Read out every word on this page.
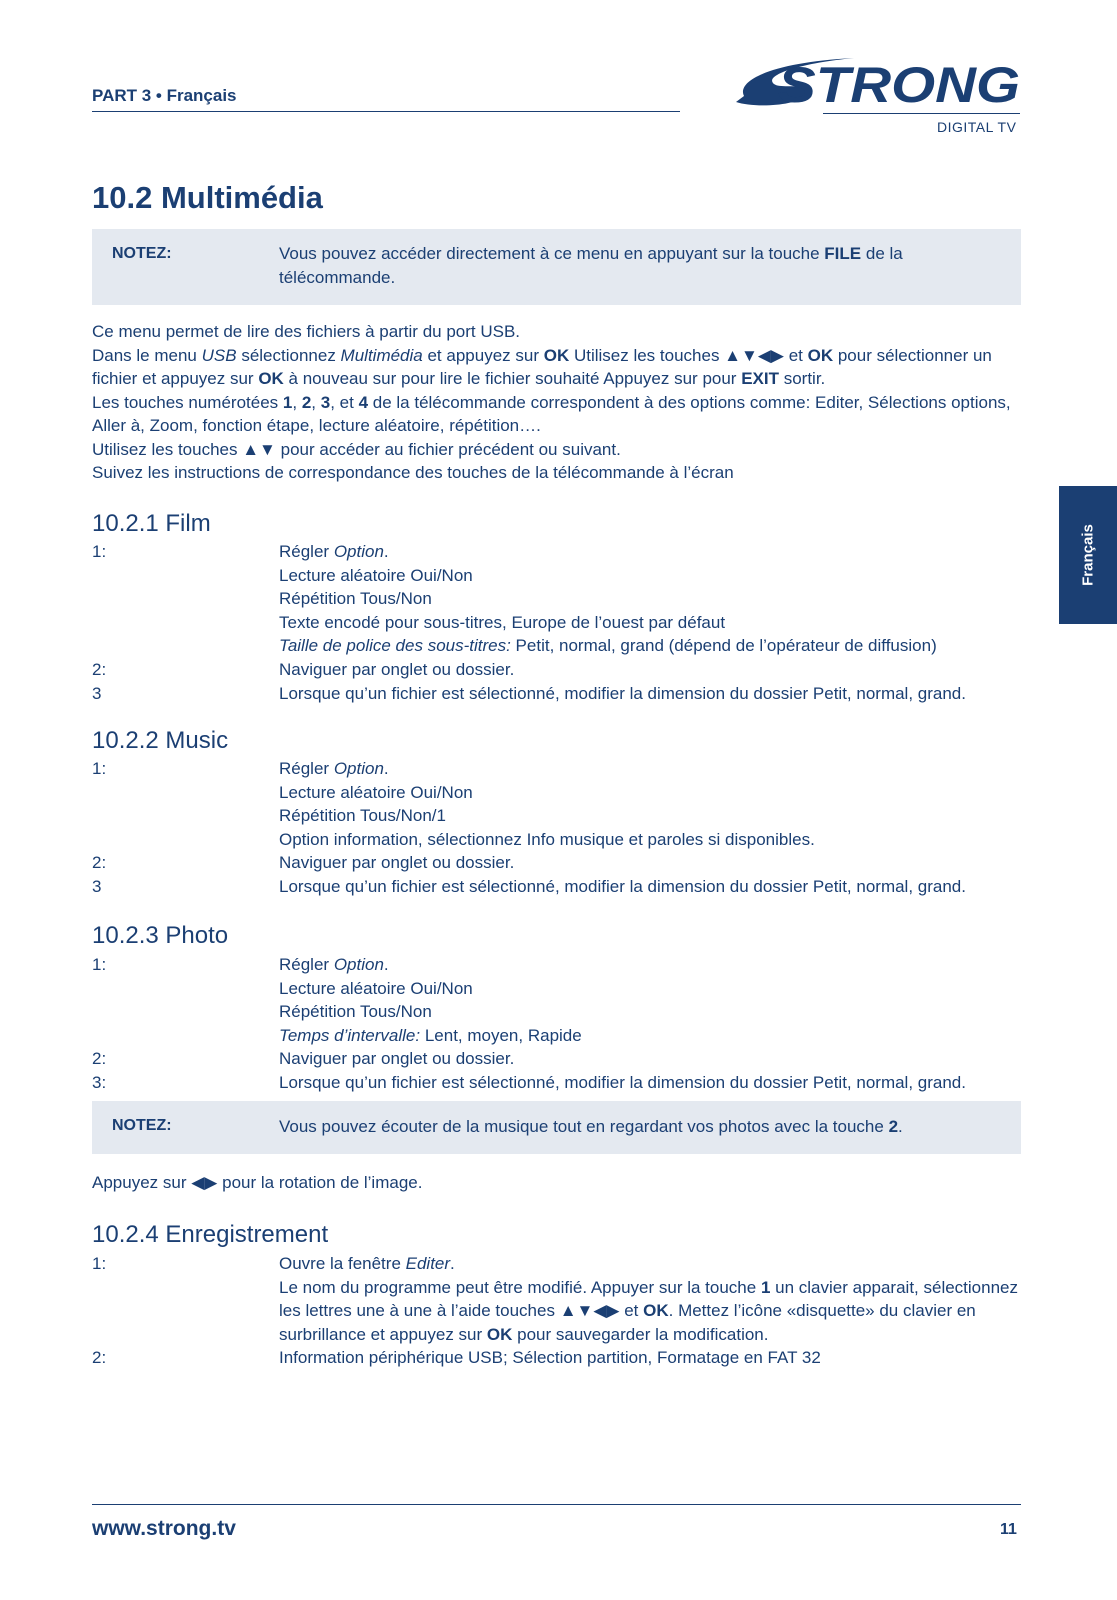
PART 3 • Français	STRONG
DIGITAL TV
10.2 Multimédia
NOTEZ:	Vous pouvez accéder directement à ce menu en appuyant sur la touche FILE de la télécommande.

Ce menu permet de lire des fichiers à partir du port USB.

Dans le menu USB sélectionnez Multimédia et appuyez sur OK Utilisez les touches ▲▼◀▶ et OK pour sélectionner un fichier et appuyez sur OK à nouveau sur pour lire le fichier souhaité Appuyez sur pour EXIT sortir.

Les touches numérotées 1, 2, 3, et 4 de la télécommande correspondent à des options comme: Editer, Sélections options, Aller à, Zoom, fonction étape, lecture aléatoire, répétition….

Utilisez les touches ▲▼ pour accéder au fichier précédent ou suivant.

Suivez les instructions de correspondance des touches de la télécommande à l’écran

10.2.1 Film
1:	Régler Option.
Lecture aléatoire Oui/Non
Répétition Tous/Non
Texte encodé pour sous-titres, Europe de l’ouest par défaut
Taille de police des sous-titres: Petit, normal, grand (dépend de l’opérateur de diffusion)
2:	Naviguer par onglet ou dossier.
3	Lorsque qu’un fichier est sélectionné, modifier la dimension du dossier Petit, normal, grand.
10.2.2 Music
1:	Régler Option.
Lecture aléatoire Oui/Non
Répétition Tous/Non/1
Option information, sélectionnez Info musique et paroles si disponibles.
2:	Naviguer par onglet ou dossier.
3	Lorsque qu’un fichier est sélectionné, modifier la dimension du dossier Petit, normal, grand.
10.2.3 Photo
1:	Régler Option.
Lecture aléatoire Oui/Non
Répétition Tous/Non
Temps d’intervalle: Lent, moyen, Rapide
2:	Naviguer par onglet ou dossier.
3:	Lorsque qu’un fichier est sélectionné, modifier la dimension du dossier Petit, normal, grand.
NOTEZ:	Vous pouvez écouter de la musique tout en regardant vos photos avec la touche 2.

Appuyez sur ◀▶ pour la rotation de l’image.

10.2.4 Enregistrement
1:	Ouvre la fenêtre Editer.
Le nom du programme peut être modifié. Appuyer sur la touche 1 un clavier apparait, sélectionnez les lettres une à une à l’aide touches ▲▼◀▶ et OK. Mettez l’icône «disquette» du clavier en surbrillance et appuyez sur OK pour sauvegarder la modification.
2:	Information périphérique USB; Sélection partition, Formatage en FAT 32
Français
www.strong.tv	11
